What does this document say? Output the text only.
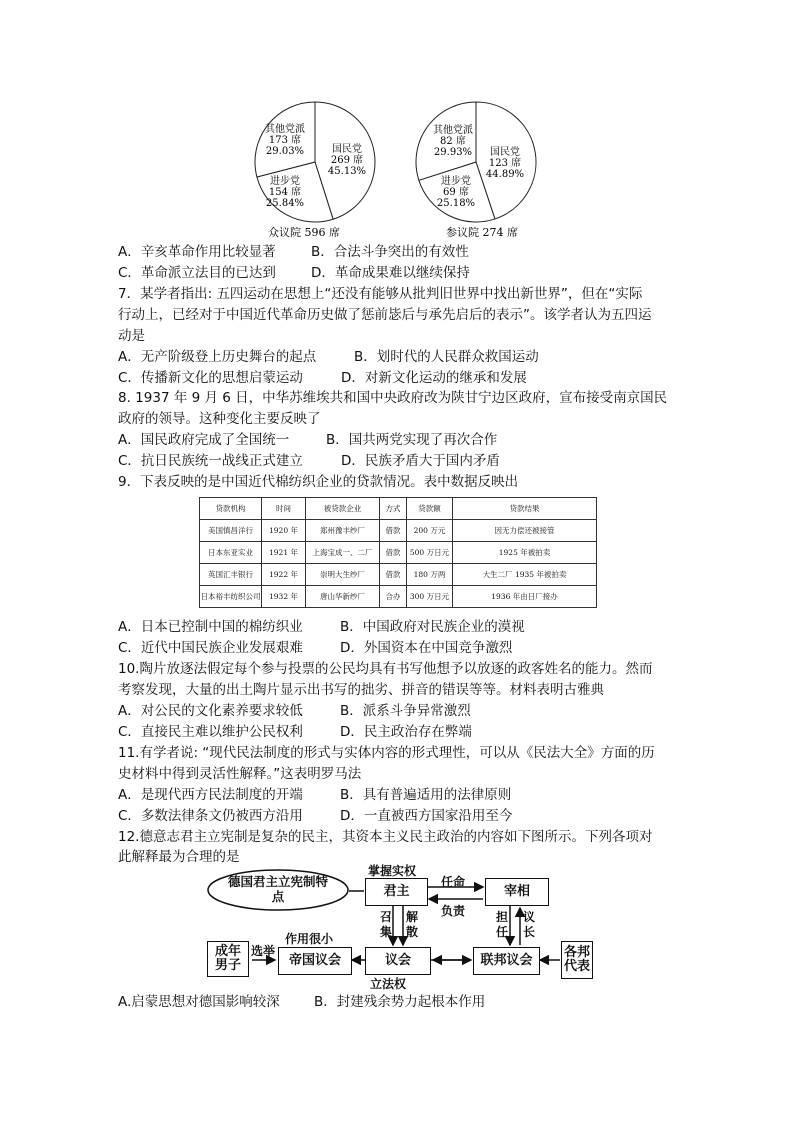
国民党
269 席
45.13%
进步党
154 席
25.84%
其他党派
173 席
29.03%	国民党
123 席
44.89%
进步党
69 席
25.18%
其他党派
82 席
29.93%
众议院 596 席	参议院 274 席
A．辛亥革命作用比较显著	B．合法斗争突出的有效性
C．革命派立法目的已达到	D．革命成果难以继续保持
7．某学者指出: 五四运动在思想上“还没有能够从批判旧世界中找出新世界”，但在“实际
行动上，已经对于中国近代革命历史做了惩前毖后与承先启后的表示”。该学者认为五四运
动是
A．无产阶级登上历史舞台的起点	B．划时代的人民群众救国运动
C．传播新文化的思想启蒙运动	D．对新文化运动的继承和发展
8. 1937 年 9 月 6 日，中华苏维埃共和国中央政府改为陕甘宁边区政府，宣布接受南京国民
政府的领导。这种变化主要反映了
A．国民政府完成了全国统一	B．国共两党实现了再次合作
C．抗日民族统一战线正式建立	D．民族矛盾大于国内矛盾
9．下表反映的是中国近代棉纺织企业的贷款情况。表中数据反映出
贷款机构	时间	被贷款企业	方式	贷款额	贷款结果
美国慎昌洋行	1920 年	郑州豫丰纱厂	借款	200 万元	因无力偿还被接管
日本东亚实业	1921 年	上海宝成一、二厂	借款	500 万日元	1925 年被拍卖
英国汇丰银行	1922 年	崇明大生纱厂	借款	180 万两	大生二厂 1935 年被拍卖
日本裕丰纺织公司	1932 年	唐山华新纱厂	合办	300 万日元	1936 年由日厂接办
A．日本已控制中国的棉纺织业	B．中国政府对民族企业的漠视
C．近代中国民族企业发展艰难	D．外国资本在中国竞争激烈
10.陶片放逐法假定每个参与投票的公民均具有书写他想予以放逐的政客姓名的能力。然而
考察发现，大量的出土陶片显示出书写的拙劣、拼音的错误等等。材料表明古雅典
A．对公民的文化素养要求较低	B．派系斗争异常激烈
C．直接民主难以维护公民权利	D．民主政治存在弊端
11.有学者说: “现代民法制度的形式与实体内容的形式理性，可以从《民法大全》方面的历
史材料中得到灵活性解释。”这表明罗马法
A．是现代西方民法制度的开端	B．具有普遍适用的法律原则
C．多数法律条文仍被西方沿用	D．一直被西方国家沿用至今
12.德意志君主立宪制是复杂的民主，其资本主义民主政治的内容如下图所示。下列各项对
此解释最为合理的是
德国君主立宪制特点	君主	宰相
议会
帝国议会	联邦议会
成年男子
各邦代表
掌握实权
任命
负责
召集
解散
担任
议长
作用很小
选举
立法权
A.启蒙思想对德国影响较深	B．封建残余势力起根本作用
